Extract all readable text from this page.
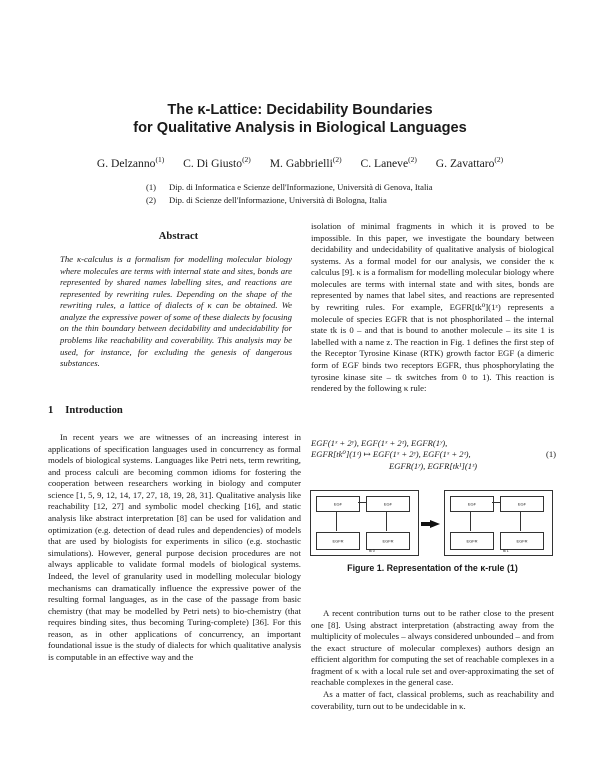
The κ-Lattice: Decidability Boundaries
for Qualitative Analysis in Biological Languages
G. Delzanno$^{(1)}$ C. Di Giusto$^{(2)}$ M. Gabbrielli$^{(2)}$ C. Laneve$^{(2)}$ G. Zavattaro$^{(2)}$
(1) Dip. di Informatica e Scienze dell'Informazione, Università di Genova, Italia
(2) Dip. di Scienze dell'Informazione, Università di Bologna, Italia
Abstract
The κ-calculus is a formalism for modelling molecular biology where molecules are terms with internal state and sites, bonds are represented by shared names labelling sites, and reactions are represented by rewriting rules. Depending on the shape of the rewriting rules, a lattice of dialects of κ can be obtained. We analyze the expressive power of some of these dialects by focusing on the thin boundary between decidability and undecidability for problems like reachability and coverability. This analysis may be used, for instance, for excluding the genesis of dangerous substances.
1 Introduction
In recent years we are witnesses of an increasing interest in applications of specification languages used in concurrency as formal models of biological systems. Languages like Petri nets, term rewriting, and process calculi are becoming common idioms for fostering the cooperation between researchers working in biology and computer science [1, 5, 9, 12, 14, 17, 27, 18, 19, 28, 31]. Qualitative analysis like reachability [12, 27] and symbolic model checking [16], and static analysis like abstract interpretation [8] can be used for validation and optimization (e.g. detection of dead rules and dependencies) of models that are used by biologists for experiments in silico (e.g. stochastic simulations). However, general purpose decision procedures are not always applicable to validate formal models of biological systems. Indeed, the level of granularity used in modelling molecular biology mechanisms can dramatically influence the expressive power of the resulting formal languages, as in the case of the passage from basic chemistry (that may be modelled by Petri nets) to bio-chemistry (that requires binding sites, thus becoming Turing-complete) [36]. For this reason, as in other applications of concurrency, an important foundational issue is the study of dialects for which qualitative analysis is computable in an effective way and the
isolation of minimal fragments in which it is proved to be impossible. In this paper, we investigate the boundary between decidability and undecidability of qualitative analysis of biological systems. As a formal model for our analysis, we consider the κ calculus [9]. κ is a formalism for modelling molecular biology where molecules are terms with internal state and with sites, bonds are represented by names that label sites, and reactions are represented by rewriting rules. For example, EGFR[tk⁰](1ᶻ) represents a molecule of species EGFR that is not phosphorilated – the internal state tk is 0 – and that is bound to another molecule – its site 1 is labelled with a name z. The reaction in Fig. 1 defines the first step of the Receptor Tyrosine Kinase (RTK) growth factor EGF (a dimeric form of EGF binds two receptors EGFR, thus phosphorylating the tyrosine kinase site – tk switches from 0 to 1). This reaction is rendered by the following κ rule:
EGF(1ˣ + 2ʸ), EGF(1ˣ + 2ᶻ), EGFR(1ʸ),
EGFR[tk⁰](1ᶻ) ↦ EGF(1ˣ + 2ʸ), EGF(1ˣ + 2ᶻ),
EGFR(1ʸ), EGFR[tk¹](1ᶻ)
(1)
EGF	EGF
EGFR	EGFR
tk 0
EGF	EGF
EGFR	EGFR
tk 1
Figure 1. Representation of the κ-rule (1)

A recent contribution turns out to be rather close to the present one [8]. Using abstract interpretation (abstracting away from the multiplicity of molecules – always considered unbounded – and from the exact structure of molecular complexes) authors design an efficient algorithm for computing the set of reachable complexes in a fragment of κ with a local rule set and over-approximating the set of reachable complexes in the general case.

As a matter of fact, classical problems, such as reachability and coverability, turn out to be undecidable in κ.
